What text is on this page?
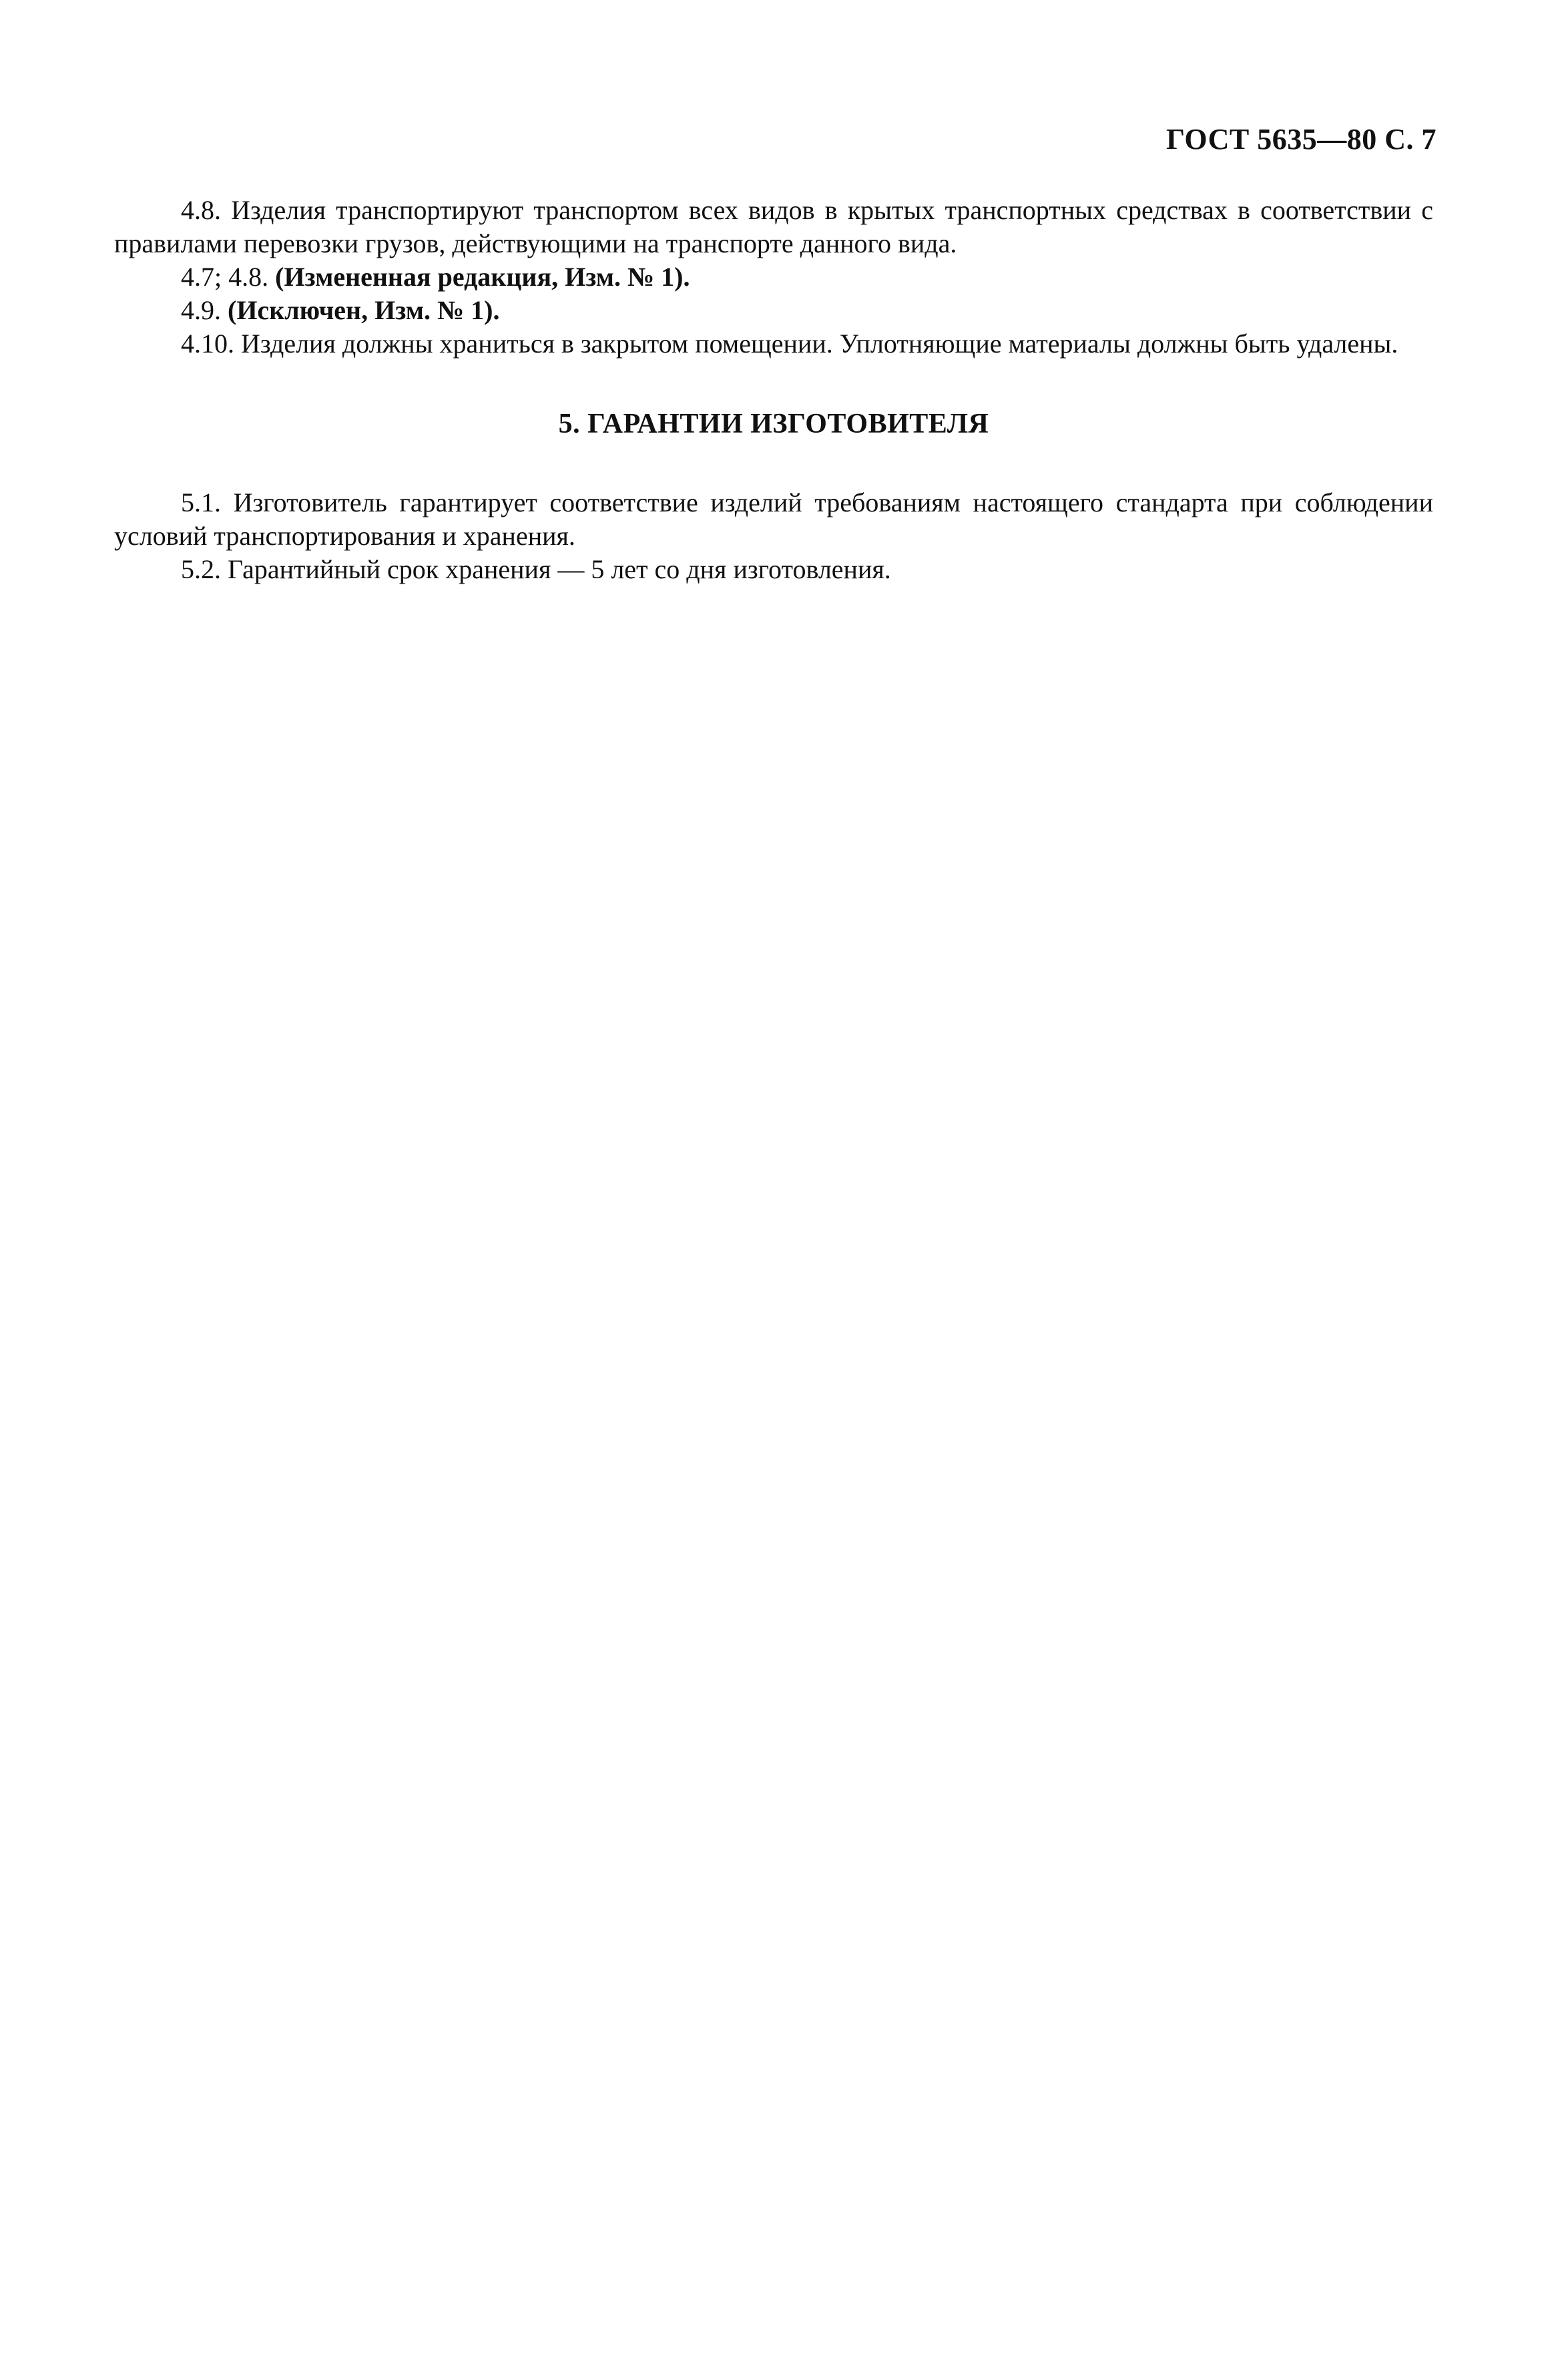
ГОСТ 5635—80 С. 7

4.8. Изделия транспортируют транспортом всех видов в крытых транспортных средствах в соответствии с правилами перевозки грузов, действующими на транспорте данного вида.

4.7; 4.8. (Измененная редакция, Изм. № 1).

4.9. (Исключен, Изм. № 1).

4.10. Изделия должны храниться в закрытом помещении. Уплотняющие материалы должны быть удалены.

5. ГАРАНТИИ ИЗГОТОВИТЕЛЯ

5.1. Изготовитель гарантирует соответствие изделий требованиям настоящего стандарта при соблюдении условий транспортирования и хранения.

5.2. Гарантийный срок хранения — 5 лет со дня изготовления.
